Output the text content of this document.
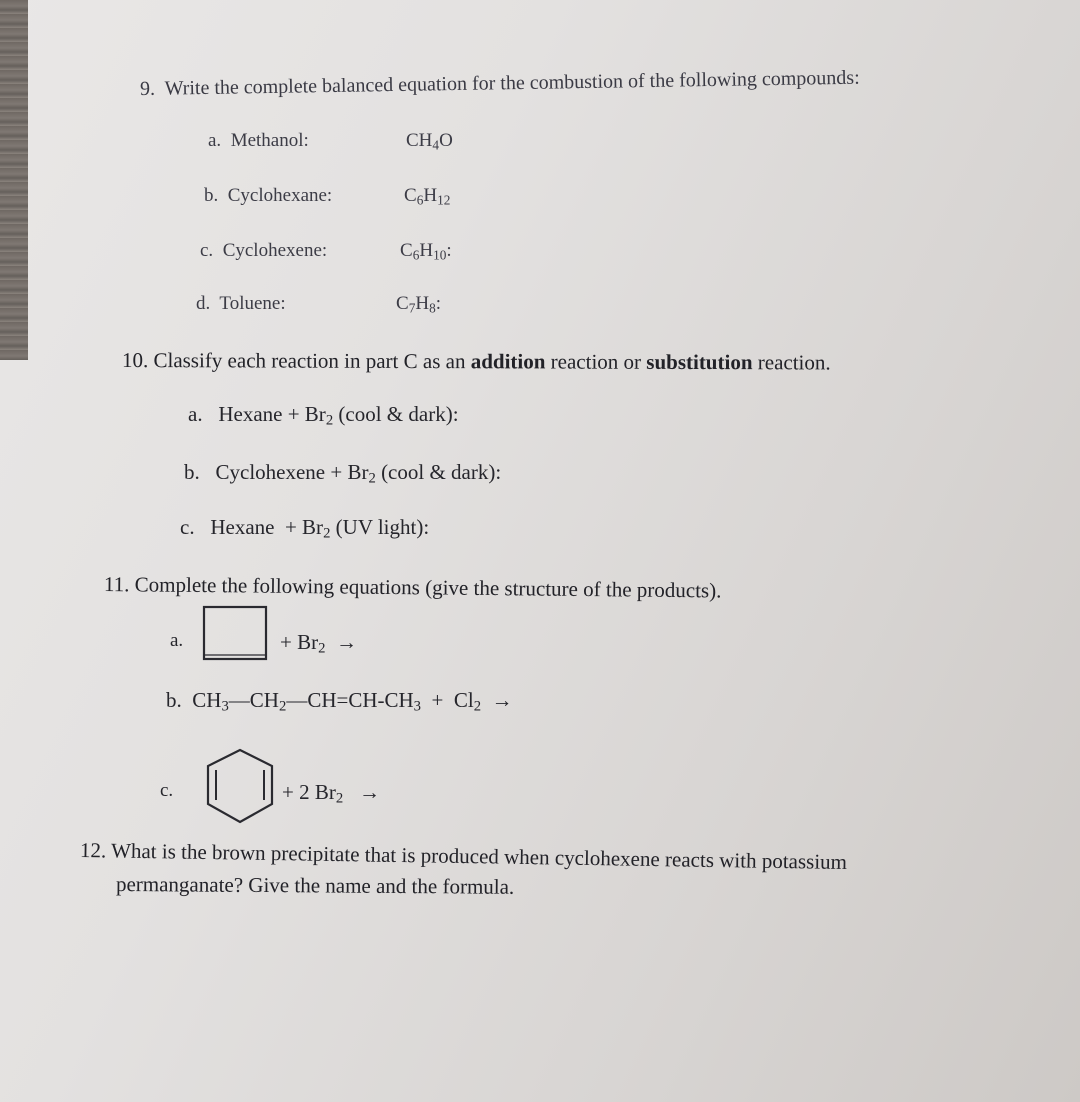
9. Write the complete balanced equation for the combustion of the following compounds:
a. Methanol:	$CH_4O$
b. Cyclohexane:	$C_6H_{12}$
c. Cyclohexene:	$C_6H_{10}$:
d. Toluene:	$C_7H_8$:
10. Classify each reaction in part C as an addition reaction or substitution reaction.
a. Hexane + $Br_2$ (cool & dark):
b. Cyclohexene + $Br_2$ (cool & dark):
c. Hexane  + $Br_2$ (UV light):
11. Complete the following equations (give the structure of the products).
a.	+ $Br_2$ →
b. $CH_3—CH_2—CH=CH-CH_3 + Cl_2$  →
c.	+ 2 $Br_2$ →
12. What is the brown precipitate that is produced when cyclohexene reacts with potassium
permanganate? Give the name and the formula.
